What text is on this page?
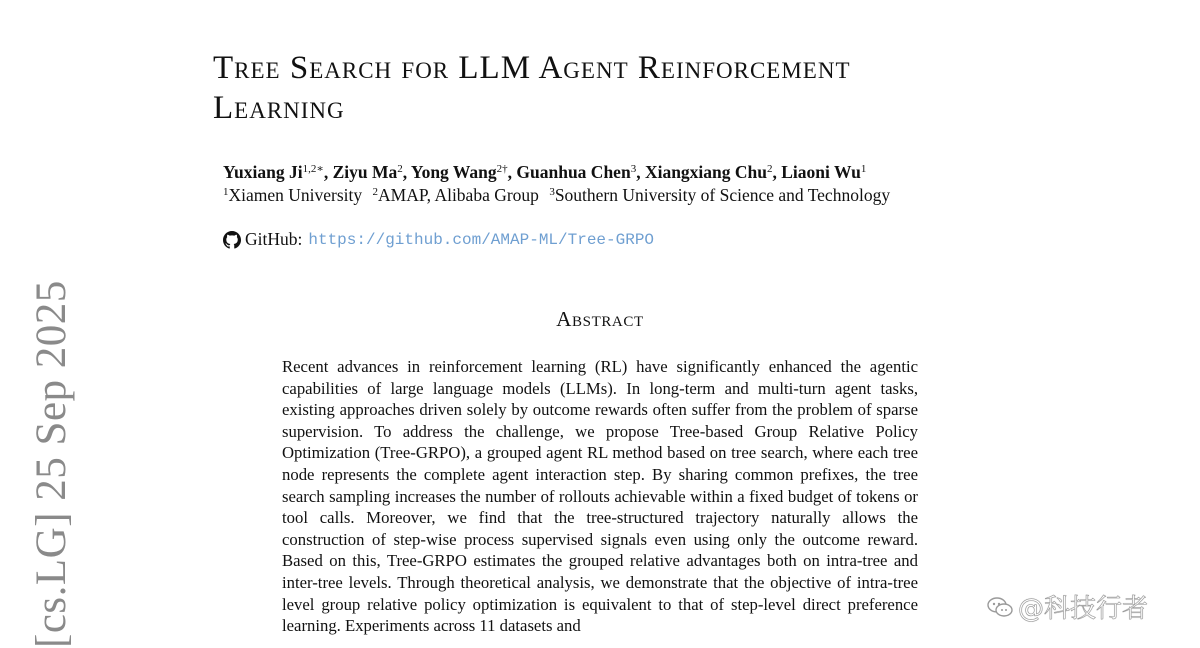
Tree Search for LLM Agent Reinforcement
Learning
Yuxiang $Ji^{1,2∗}$, Ziyu Ma$^2$, Yong Wang$^{2\dagger}$, Guanhua Chen$^3$, Xiangxiang Chu$^2$, Liaoni Wu$^1$
$^1$Xiamen University $^2$AMAP, Alibaba Group $^3$Southern University of Science and Technology
GitHub: https://github.com/AMAP-ML/Tree-GRPO
Abstract

Recent advances in reinforcement learning (RL) have significantly enhanced the agentic capabilities of large language models (LLMs). In long-term and multi-turn agent tasks, existing approaches driven solely by outcome rewards often suffer from the problem of sparse supervision. To address the challenge, we propose Tree-based Group Relative Policy Optimization (Tree-GRPO), a grouped agent RL method based on tree search, where each tree node represents the complete agent interaction step. By sharing common prefixes, the tree search sampling increases the number of rollouts achievable within a fixed budget of tokens or tool calls. Moreover, we find that the tree-structured trajectory naturally allows the construction of step-wise process supervised signals even using only the outcome reward. Based on this, Tree-GRPO estimates the grouped relative advantages both on intra-tree and inter-tree levels. Through theoretical analysis, we demonstrate that the objective of intra-tree level group relative policy optimization is equivalent to that of step-level direct preference learning. Experiments across 11 datasets and

[cs.LG] 25 Sep 2025	@科技行者
